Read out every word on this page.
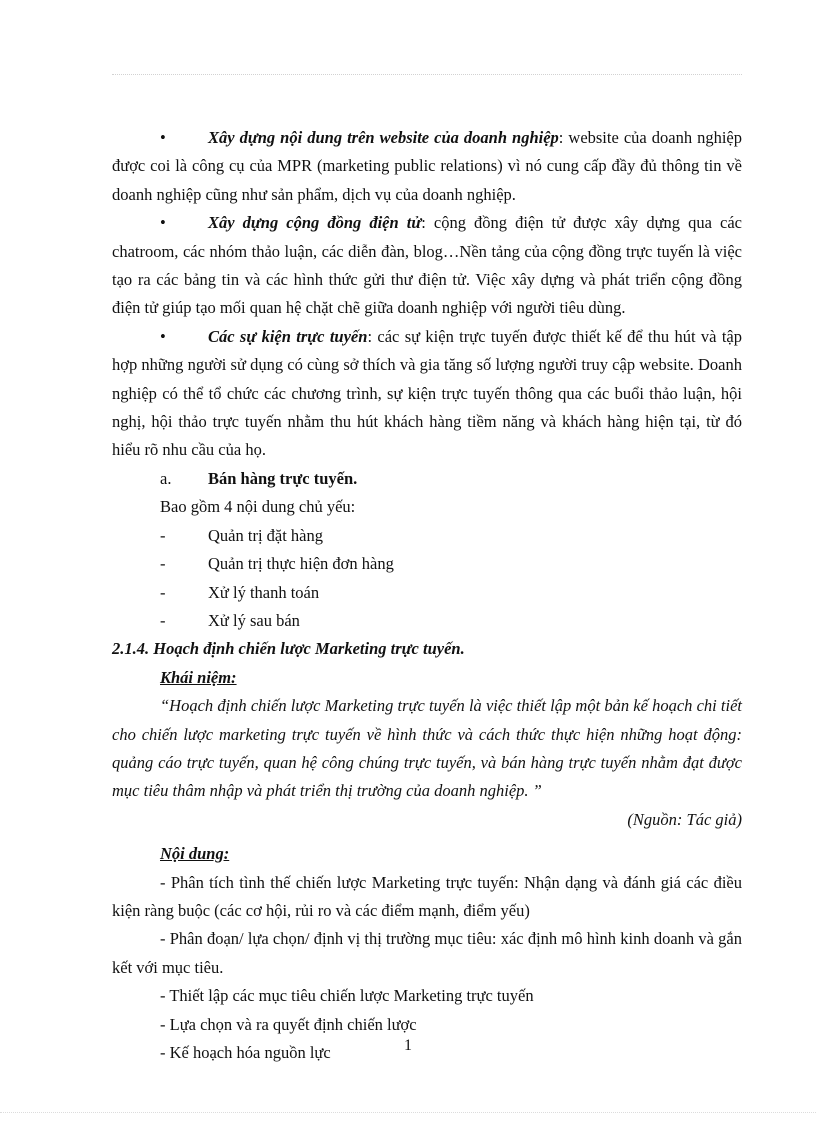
•	Xây dựng nội dung trên website của doanh nghiệp: website của doanh nghiệp được coi là công cụ của MPR (marketing public relations) vì nó cung cấp đầy đủ thông tin về doanh nghiệp cũng như sản phẩm, dịch vụ của doanh nghiệp.

•	Xây dựng cộng đồng điện tử: cộng đồng điện tử được xây dựng qua các chatroom, các nhóm thảo luận, các diễn đàn, blog…Nền tảng của cộng đồng trực tuyến là việc tạo ra các bảng tin và các hình thức gửi thư điện tử. Việc xây dựng và phát triển cộng đồng điện tử giúp tạo mối quan hệ chặt chẽ giữa doanh nghiệp với người tiêu dùng.

•	Các sự kiện trực tuyến: các sự kiện trực tuyến được thiết kế để thu hút và tập hợp những người sử dụng có cùng sở thích và gia tăng số lượng người truy cập website. Doanh nghiệp có thể tổ chức các chương trình, sự kiện trực tuyến thông qua các buổi thảo luận, hội nghị, hội thảo trực tuyến nhằm thu hút khách hàng tiềm năng và khách hàng hiện tại, từ đó hiểu rõ nhu cầu của họ.

a.	Bán hàng trực tuyến.

Bao gồm 4 nội dung chủ yếu:

-	Quản trị đặt hàng
-	Quản trị thực hiện đơn hàng
-	Xử lý thanh toán
-	Xử lý sau bán

2.1.4. Hoạch định chiến lược Marketing trực tuyến.

Khái niệm:

“Hoạch định chiến lược Marketing trực tuyến là việc thiết lập một bản kế hoạch chi tiết cho chiến lược marketing trực tuyến về hình thức và cách thức thực hiện những hoạt động: quảng cáo trực tuyến, quan hệ công chúng trực tuyến, và bán hàng trực tuyến nhằm đạt được mục tiêu thâm nhập và phát triển thị trường của doanh nghiệp. ”

(Nguồn: Tác giả)

Nội dung:

- Phân tích tình thế chiến lược Marketing trực tuyến: Nhận dạng và đánh giá các điều kiện ràng buộc (các cơ hội, rủi ro và các điểm mạnh, điểm yếu)

- Phân đoạn/ lựa chọn/ định vị thị trường mục tiêu: xác định mô hình kinh doanh và gắn kết với mục tiêu.

- Thiết lập các mục tiêu chiến lược Marketing trực tuyến

- Lựa chọn và ra quyết định chiến lược

- Kế hoạch hóa nguồn lực	1
